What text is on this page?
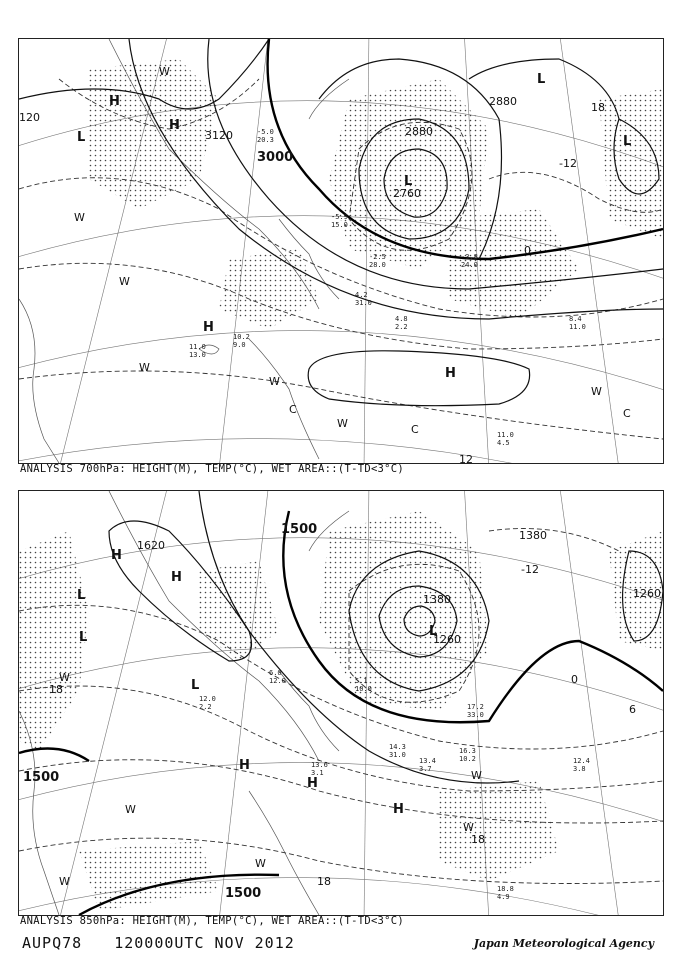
-5.0
20.3
-2.5
28.0
10.2
9.0
11.0
13.0
4.2
31.0
4.8
2.2
8.4
11.0
11.0
4.5
-3.8
24.0
-5.9
15.0
120
3120
3000
2880
2880
2760
12
0
-12
18
L
H
H
L
L
L
H
H
W
W
W
W
W
W
W
C
C
C
ANALYSIS 700hPa: HEIGHT(M), TEMP(°C), WET AREA::(T-TD<3°C)
16.3
10.2	12.4
3.8
13.4
3.7
14.3
31.0
17.2
33.0
6.0
12.0
18.8
4.9
12.0
2.2
13.6
3.1
5.1
10.0
1500
1620
1380
1380
1260
1260
1500
1500
18
-12
18
18
0
6
H
H
L
L	L
L
H
H
H
W
W
W
W
W
W
ANALYSIS 850hPa: HEIGHT(M), TEMP(°C), WET AREA::(T-TD<3°C)
AUPQ78 120000UTC NOV 2012	Japan Meteorological Agency
